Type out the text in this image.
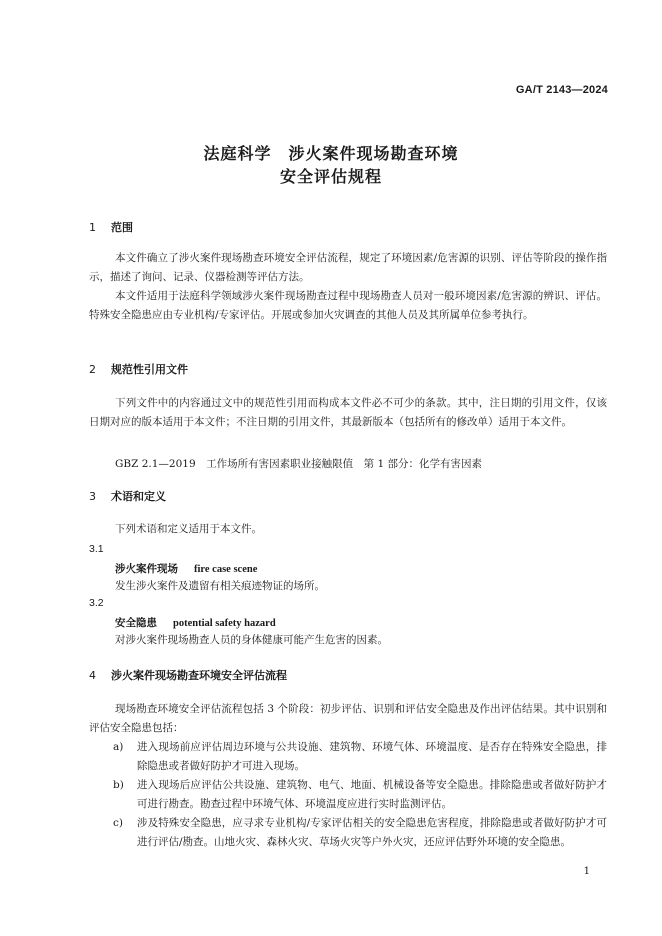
GA/T 2143—2024
法庭科学　涉火案件现场勘查环境
安全评估规程
1 范围
本文件确立了涉火案件现场勘查环境安全评估流程，规定了环境因素/危害源的识别、评估等阶段的操作指示，描述了询问、记录、仪器检测等评估方法。
本文件适用于法庭科学领域涉火案件现场勘查过程中现场勘查人员对一般环境因素/危害源的辨识、评估。特殊安全隐患应由专业机构/专家评估。开展或参加火灾调查的其他人员及其所属单位参考执行。
2 规范性引用文件
下列文件中的内容通过文中的规范性引用而构成本文件必不可少的条款。其中，注日期的引用文件，仅该日期对应的版本适用于本文件；不注日期的引用文件，其最新版本（包括所有的修改单）适用于本文件。
GBZ 2.1—2019　工作场所有害因素职业接触限值　第 1 部分：化学有害因素
3 术语和定义
下列术语和定义适用于本文件。
3.1
涉火案件现场 fire case scene
发生涉火案件及遗留有相关痕迹物证的场所。
3.2
安全隐患 potential safety hazard
对涉火案件现场勘查人员的身体健康可能产生危害的因素。
4 涉火案件现场勘查环境安全评估流程
现场勘查环境安全评估流程包括 3 个阶段：初步评估、识别和评估安全隐患及作出评估结果。其中识别和评估安全隐患包括：
a) 进入现场前应评估周边环境与公共设施、建筑物、环境气体、环境温度、是否存在特殊安全隐患，排除隐患或者做好防护才可进入现场。
b) 进入现场后应评估公共设施、建筑物、电气、地面、机械设备等安全隐患。排除隐患或者做好防护才可进行勘查。勘查过程中环境气体、环境温度应进行实时监测评估。
c) 涉及特殊安全隐患，应寻求专业机构/专家评估相关的安全隐患危害程度，排除隐患或者做好防护才可进行评估/勘查。山地火灾、森林火灾、草场火灾等户外火灾，还应评估野外环境的安全隐患。
1
